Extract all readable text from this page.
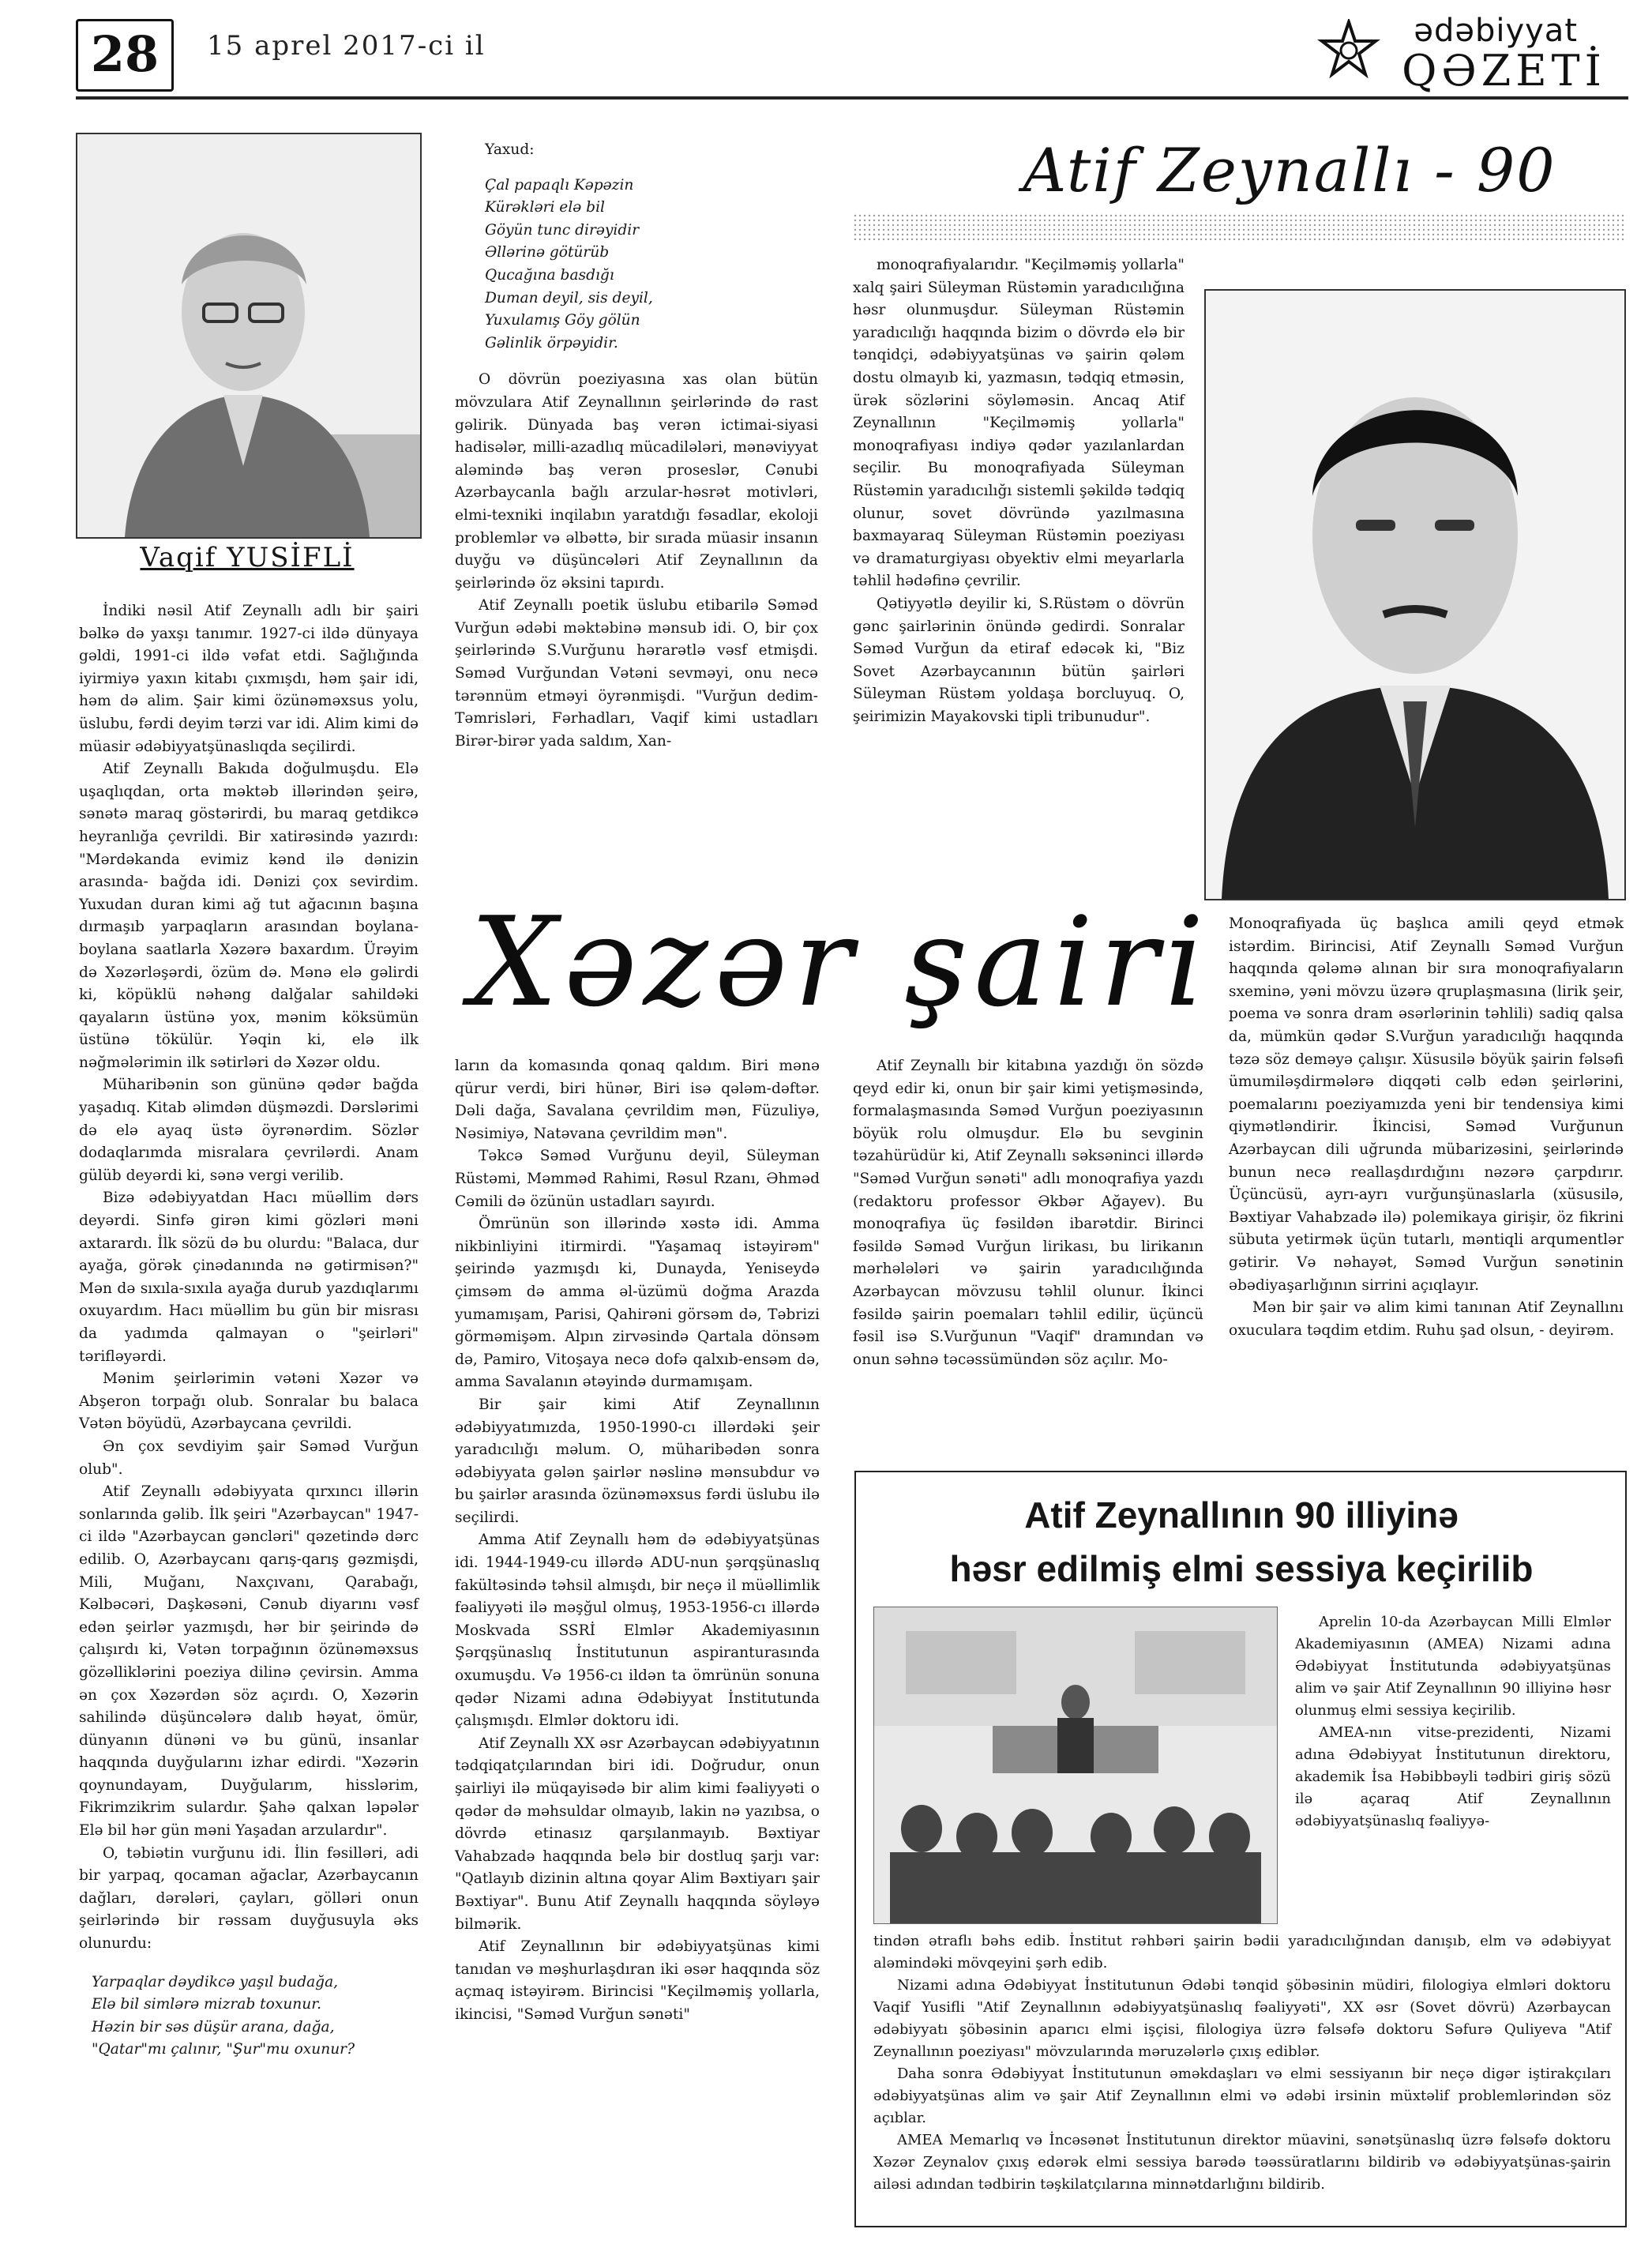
28	15 aprel 2017-ci il	ədəbiyyat
QƏZETİ
Vaqif YUSİFLİ
Atif Zeynallı - 90

İndiki nəsil Atif Zeynallı adlı bir şairi bəlkə də yaxşı tanımır. 1927-ci ildə dünyaya gəldi, 1991-ci ildə vəfat etdi. Sağlığında iyirmiyə yaxın kitabı çıxmışdı, həm şair idi, həm də alim. Şair kimi özünəməxsus yolu, üslubu, fərdi deyim tərzi var idi. Alim kimi də müasir ədəbiyyatşünaslıqda seçilirdi.

Atif Zeynallı Bakıda doğulmuşdu. Elə uşaqlıqdan, orta məktəb illərindən şeirə, sənətə maraq göstərirdi, bu maraq getdikcə heyranlığa çevrildi. Bir xatirəsində yazırdı: "Mərdəkanda evimiz kənd ilə dənizin arasında- bağda idi. Dənizi çox sevirdim. Yuxudan duran kimi ağ tut ağacının başına dırmaşıb yarpaqların arasından boylana-boylana saatlarla Xəzərə baxardım. Ürəyim də Xəzərləşərdi, özüm də. Mənə elə gəlirdi ki, köpüklü nəhəng dalğalar sahildəki qayaların üstünə yox, mənim köksümün üstünə tökülür. Yəqin ki, elə ilk nəğmələrimin ilk sətirləri də Xəzər oldu.

Müharibənin son gününə qədər bağda yaşadıq. Kitab əlimdən düşməzdi. Dərslərimi də elə ayaq üstə öyrənərdim. Sözlər dodaqlarımda misralara çevrilərdi. Anam gülüb deyərdi ki, sənə vergi verilib.

Bizə ədəbiyyatdan Hacı müəllim dərs deyərdi. Sinfə girən kimi gözləri məni axtarardı. İlk sözü də bu olurdu: "Balaca, dur ayağa, görək çinədanında nə gətirmisən?" Mən də sıxıla-sıxıla ayağa durub yazdıqlarımı oxuyardım. Hacı müəllim bu gün bir misrası da yadımda qalmayan o "şeirləri" tərifləyərdi.

Mənim şeirlərimin vətəni Xəzər və Abşeron torpağı olub. Sonralar bu balaca Vətən böyüdü, Azərbaycana çevrildi.

Ən çox sevdiyim şair Səməd Vurğun olub".

Atif Zeynallı ədəbiyyata qırxıncı illərin sonlarında gəlib. İlk şeiri "Azərbaycan" 1947-ci ildə "Azərbaycan gəncləri" qəzetində dərc edilib. O, Azərbaycanı qarış-qarış gəzmişdi, Mili, Muğanı, Naxçıvanı, Qarabağı, Kəlbəcəri, Daşkəsəni, Cənub diyarını vəsf edən şeirlər yazmışdı, hər bir şeirində də çalışırdı ki, Vətən torpağının özünəməxsus gözəlliklərini poeziya dilinə çevirsin. Amma ən çox Xəzərdən söz açırdı. O, Xəzərin sahilində düşüncələrə dalıb həyat, ömür, dünyanın dünəni və bu günü, insanlar haqqında duyğularını izhar edirdi. "Xəzərin qoynundayam, Duyğularım, hisslərim, Fikrimzikrim sulardır. Şahə qalxan ləpələr Elə bil hər gün məni Yaşadan arzulardır".

O, təbiətin vurğunu idi. İlin fəsilləri, adi bir yarpaq, qocaman ağaclar, Azərbaycanın dağları, dərələri, çayları, gölləri onun şeirlərində bir rəssam duyğusuyla əks olunurdu:

Yarpaqlar dəydikcə yaşıl budağa,
Elə bil simlərə mizrab toxunur.
Həzin bir səs düşür arana, dağa,
"Qatar"mı çalınır, "Şur"mu oxunur?

Yaxud:

Çal papaqlı Kəpəzin
Kürəkləri elə bil
Göyün tunc dirəyidir
Əllərinə götürüb
Qucağına basdığı
Duman deyil, sis deyil,
Yuxulamış Göy gölün
Gəlinlik örpəyidir.

O dövrün poeziyasına xas olan bütün mövzulara Atif Zeynallının şeirlərində də rast gəlirik. Dünyada baş verən ictimai-siyasi hadisələr, milli-azadlıq mücadilələri, mənəviyyat aləmində baş verən proseslər, Cənubi Azərbaycanla bağlı arzular-həsrət motivləri, elmi-texniki inqilabın yaratdığı fəsadlar, ekoloji problemlər və əlbəttə, bir sırada müasir insanın duyğu və düşüncələri Atif Zeynallının da şeirlərində öz əksini tapırdı.

Atif Zeynallı poetik üslubu etibarilə Səməd Vurğun ədəbi məktəbinə mənsub idi. O, bir çox şeirlərində S.Vurğunu hərarətlə vəsf etmişdi. Səməd Vurğundan Vətəni sevməyi, onu necə tərənnüm etməyi öyrənmişdi. "Vurğun dedim-Təmrisləri, Fərhadları, Vaqif kimi ustadları Birər-birər yada saldım, Xan-

monoqrafiyalarıdır. "Keçilməmiş yollarla" xalq şairi Süleyman Rüstəmin yaradıcılığına həsr olunmuşdur. Süleyman Rüstəmin yaradıcılığı haqqında bizim o dövrdə elə bir tənqidçi, ədəbiyyatşünas və şairin qələm dostu olmayıb ki, yazmasın, tədqiq etməsin, ürək sözlərini söyləməsin. Ancaq Atif Zeynallının "Keçilməmiş yollarla" monoqrafiyası indiyə qədər yazılanlardan seçilir. Bu monoqrafiyada Süleyman Rüstəmin yaradıcılığı sistemli şəkildə tədqiq olunur, sovet dövründə yazılmasına baxmayaraq Süleyman Rüstəmin poeziyası və dramaturgiyası obyektiv elmi meyarlarla təhlil hədəfinə çevrilir.

Qətiyyətlə deyilir ki, S.Rüstəm o dövrün gənc şairlərinin önündə gedirdi. Sonralar Səməd Vurğun da etiraf edəcək ki, "Biz Sovet Azərbaycanının bütün şairləri Süleyman Rüstəm yoldaşa borcluyuq. O, şeirimizin Mayakovski tipli tribunudur".

Xəzər şairi	Monoqrafiyada üç başlıca amili qeyd etmək istərdim. Birincisi, Atif Zeynallı Səməd Vurğun haqqında qələmə alınan bir sıra monoqrafiyaların sxeminə, yəni mövzu üzərə qruplaşmasına (lirik şeir, poema və sonra dram əsərlərinin təhlili) sadiq qalsa da, mümkün qədər S.Vurğun yaradıcılığı haqqında təzə söz deməyə çalışır. Xüsusilə böyük şairin fəlsəfi ümumiləşdirmələrə diqqəti cəlb edən şeirlərini, poemalarını poeziyamızda yeni bir tendensiya kimi qiymətləndirir. İkincisi, Səməd Vurğunun Azərbaycan dili uğrunda mübarizəsini, şeirlərində bunun necə reallaşdırdığını nəzərə çarpdırır. Üçüncüsü, ayrı-ayrı vurğunşünaslarla (xüsusilə, Bəxtiyar Vahabzadə ilə) polemikaya girişir, öz fikrini sübuta yetirmək üçün tutarlı, məntiqli arqumentlər gətirir. Və nəhayət, Səməd Vurğun sənətinin əbədiyaşarlığının sirrini açıqlayır.

Mən bir şair və alim kimi tanınan Atif Zeynallını oxuculara təqdim etdim. Ruhu şad olsun, - deyirəm.

ların da komasında qonaq qaldım. Biri mənə qürur verdi, biri hünər, Biri isə qələm-dəftər. Dəli dağa, Savalana çevrildim mən, Füzuliyə, Nəsimiyə, Natəvana çevrildim mən".

Təkcə Səməd Vurğunu deyil, Süleyman Rüstəmi, Məmməd Rahimi, Rəsul Rzanı, Əhməd Cəmili də özünün ustadları sayırdı.

Ömrünün son illərində xəstə idi. Amma nikbinliyini itirmirdi. "Yaşamaq istəyirəm" şeirində yazmışdı ki, Dunayda, Yeniseydə çimsəm də amma əl-üzümü doğma Arazda yumamışam, Parisi, Qahirəni görsəm də, Təbrizi görməmişəm. Alpın zirvəsində Qartala dönsəm də, Pamiro, Vitoşaya necə dofə qalxıb-ensəm də, amma Savalanın ətəyində durmamışam.

Bir şair kimi Atif Zeynallının ədəbiyyatımızda, 1950-1990-cı illərdəki şeir yaradıcılığı məlum. O, müharibədən sonra ədəbiyyata gələn şairlər nəslinə mənsubdur və bu şairlər arasında özünəməxsus fərdi üslubu ilə seçilirdi.

Amma Atif Zeynallı həm də ədəbiyyatşünas idi. 1944-1949-cu illərdə ADU-nun şərqşünaslıq fakültəsində təhsil almışdı, bir neçə il müəllimlik fəaliyyəti ilə məşğul olmuş, 1953-1956-cı illərdə Moskvada SSRİ Elmlər Akademiyasının Şərqşünaslıq İnstitutunun aspiranturasında oxumuşdu. Və 1956-cı ildən ta ömrünün sonuna qədər Nizami adına Ədəbiyyat İnstitutunda çalışmışdı. Elmlər doktoru idi.

Atif Zeynallı XX əsr Azərbaycan ədəbiyyatının tədqiqatçılarından biri idi. Doğrudur, onun şairliyi ilə müqayisədə bir alim kimi fəaliyyəti o qədər də məhsuldar olmayıb, lakin nə yazıbsa, o dövrdə etinasız qarşılanmayıb. Bəxtiyar Vahabzadə haqqında belə bir dostluq şarjı var: "Qatlayıb dizinin altına qoyar Alim Bəxtiyarı şair Bəxtiyar". Bunu Atif Zeynallı haqqında söyləyə bilmərik.

Atif Zeynallının bir ədəbiyyatşünas kimi tanıdan və məşhurlaşdıran iki əsər haqqında söz açmaq istəyirəm. Birincisi "Keçilməmiş yollarla, ikincisi, "Səməd Vurğun sənəti"

Atif Zeynallı bir kitabına yazdığı ön sözdə qeyd edir ki, onun bir şair kimi yetişməsində, formalaşmasında Səməd Vurğun poeziyasının böyük rolu olmuşdur. Elə bu sevginin təzahürüdür ki, Atif Zeynallı səksəninci illərdə "Səməd Vurğun sənəti" adlı monoqrafiya yazdı (redaktoru professor Əkbər Ağayev). Bu monoqrafiya üç fəsildən ibarətdir. Birinci fəsildə Səməd Vurğun lirikası, bu lirikanın mərhələləri və şairin yaradıcılığında Azərbaycan mövzusu təhlil olunur. İkinci fəsildə şairin poemaları təhlil edilir, üçüncü fəsil isə S.Vurğunun "Vaqif" dramından və onun səhnə təcəssümündən söz açılır. Mo-

Atif Zeynallının 90 illiyinə
həsr edilmiş elmi sessiya keçirilib

Aprelin 10-da Azərbaycan Milli Elmlər Akademiyasının (AMEA) Nizami adına Ədəbiyyat İnstitutunda ədəbiyyatşünas alim və şair Atif Zeynallının 90 illiyinə həsr olunmuş elmi sessiya keçirilib.

AMEA-nın vitse-prezidenti, Nizami adına Ədəbiyyat İnstitutunun direktoru, akademik İsa Həbibbəyli tədbiri giriş sözü ilə açaraq Atif Zeynallının ədəbiyyatşünaslıq fəaliyyə-

tindən ətraflı bəhs edib. İnstitut rəhbəri şairin bədii yaradıcılığından danışıb, elm və ədəbiyyat aləmindəki mövqeyini şərh edib.

Nizami adına Ədəbiyyat İnstitutunun Ədəbi tənqid şöbəsinin müdiri, filologiya elmləri doktoru Vaqif Yusifli "Atif Zeynallının ədəbiyyatşünaslıq fəaliyyəti", XX əsr (Sovet dövrü) Azərbaycan ədəbiyyatı şöbəsinin aparıcı elmi işçisi, filologiya üzrə fəlsəfə doktoru Səfurə Quliyeva "Atif Zeynallının poeziyası" mövzularında məruzələrlə çıxış ediblər.

Daha sonra Ədəbiyyat İnstitutunun əməkdaşları və elmi sessiyanın bir neçə digər iştirakçıları ədəbiyyatşünas alim və şair Atif Zeynallının elmi və ədəbi irsinin müxtəlif problemlərindən söz açıblar.

AMEA Memarlıq və İncəsənət İnstitutunun direktor müavini, sənətşünaslıq üzrə fəlsəfə doktoru Xəzər Zeynalov çıxış edərək elmi sessiya barədə təəssüratlarını bildirib və ədəbiyyatşünas-şairin ailəsi adından tədbirin təşkilatçılarına minnətdarlığını bildirib.
